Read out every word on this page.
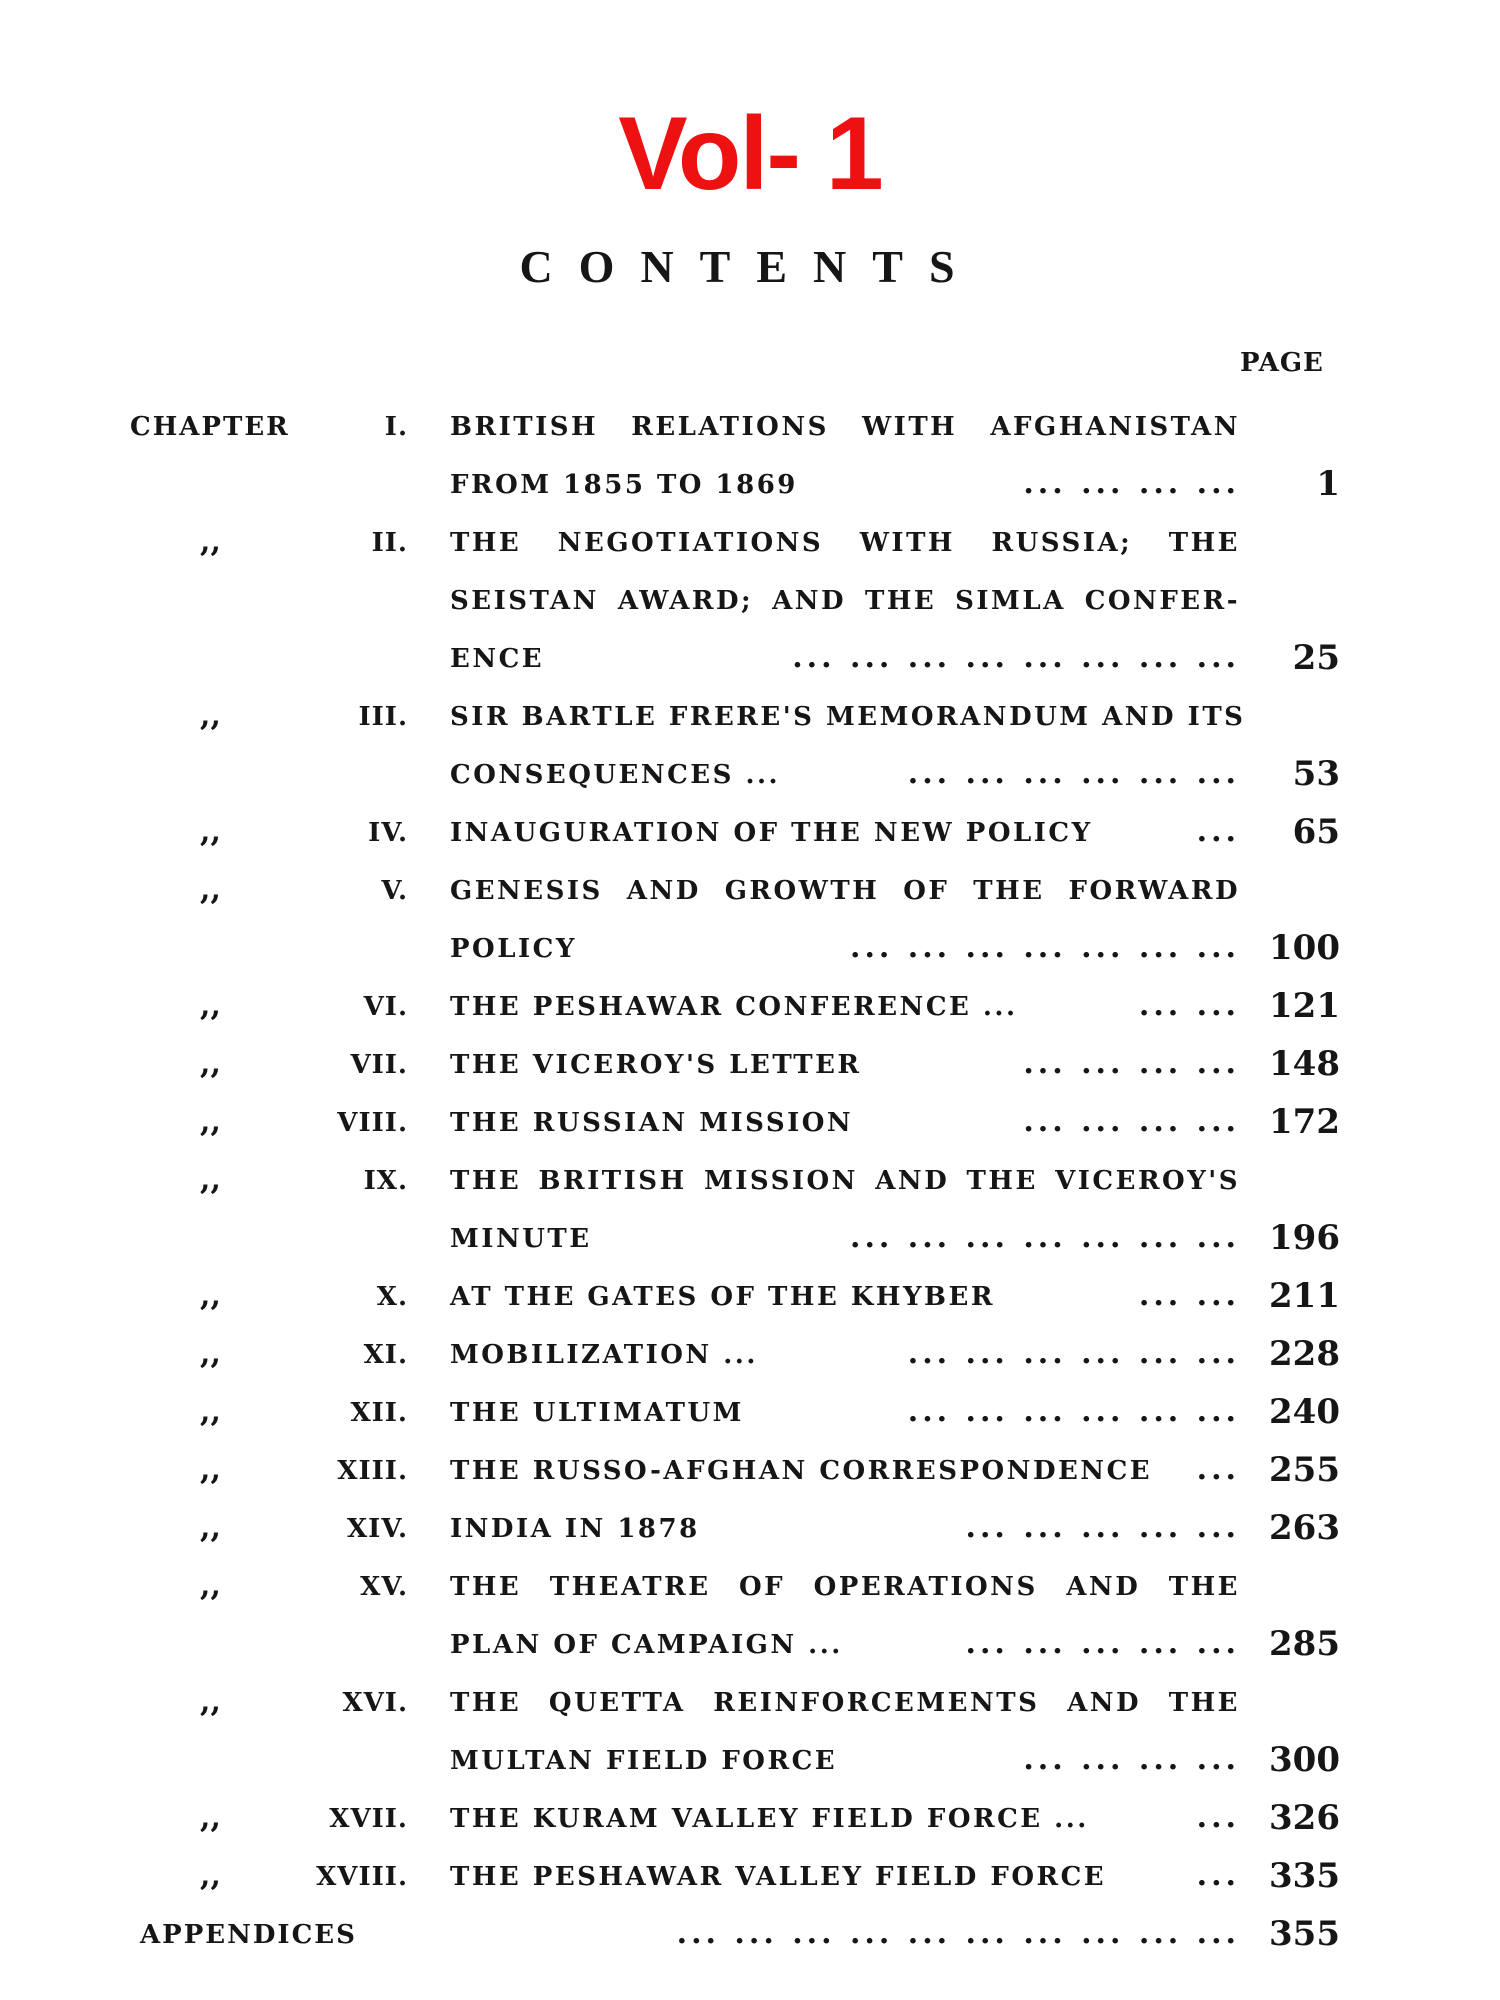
Vol- 1
CONTENTS
PAGE
CHAPTER	I. BRITISH RELATIONS WITH AFGHANISTAN
FROM 1855 TO 1869	... ... ... ...	1
,,	II. THE NEGOTIATIONS WITH RUSSIA; THE
SEISTAN AWARD; AND THE SIMLA CONFER-
ENCE	... ... ... ... ... ... ... ...	25
,,	III. SIR BARTLE FRERE'S MEMORANDUM AND ITS
CONSEQUENCES ...	... ... ... ... ... ...	53
,,	IV. INAUGURATION OF THE NEW POLICY	...	65
,,	V. GENESIS AND GROWTH OF THE FORWARD
POLICY	... ... ... ... ... ... ... 100
,,	VI. THE PESHAWAR CONFERENCE ...	... ... 121
,,	VII. THE VICEROY'S LETTER	... ... ... ... 148
,,	VIII. THE RUSSIAN MISSION	... ... ... ... 172
,,	IX. THE BRITISH MISSION AND THE VICEROY'S
MINUTE	... ... ... ... ... ... ... 196
,,	X. AT THE GATES OF THE KHYBER	... ... 211
,,	XI. MOBILIZATION ...	... ... ... ... ... ... 228
,,	XII. THE ULTIMATUM	... ... ... ... ... ... 240
,,	XIII. THE RUSSO-AFGHAN CORRESPONDENCE	... 255
,,	XIV. INDIA IN 1878	... ... ... ... ... 263
,,	XV. THE THEATRE OF OPERATIONS AND THE
PLAN OF CAMPAIGN ...	... ... ... ... ... 285
,,	XVI. THE QUETTA REINFORCEMENTS AND THE
MULTAN FIELD FORCE	... ... ... ... 300
,,	XVII. THE KURAM VALLEY FIELD FORCE ...	... 326
,,	XVIII. THE PESHAWAR VALLEY FIELD FORCE	... 335
APPENDICES	... ... ... ... ... ... ... ... ... ... 355
